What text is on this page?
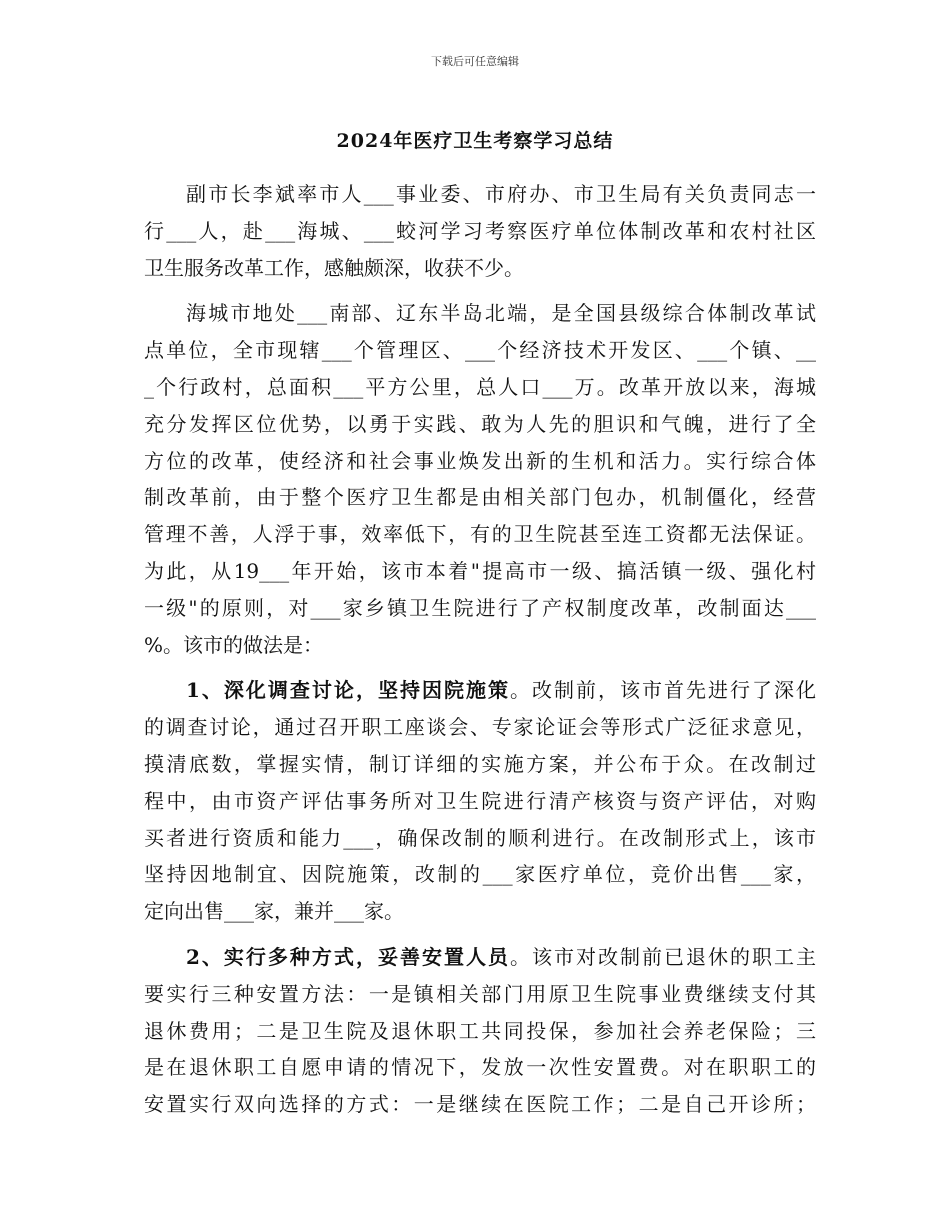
下载后可任意编辑
2024年医疗卫生考察学习总结
副市长李斌率市人___事业委、市府办、市卫生局有关负责同志一
行___人，赴___海城、___蛟河学习考察医疗单位体制改革和农村社区
卫生服务改革工作，感触颇深，收获不少。
海城市地处___南部、辽东半岛北端，是全国县级综合体制改革试
点单位，全市现辖___个管理区、___个经济技术开发区、___个镇、__
_个行政村，总面积___平方公里，总人口___万。改革开放以来，海城
充分发挥区位优势，以勇于实践、敢为人先的胆识和气魄，进行了全
方位的改革，使经济和社会事业焕发出新的生机和活力。实行综合体
制改革前，由于整个医疗卫生都是由相关部门包办，机制僵化，经营
管理不善，人浮于事，效率低下，有的卫生院甚至连工资都无法保证。
为此，从19___年开始，该市本着"提高市一级、搞活镇一级、强化村
一级"的原则，对___家乡镇卫生院进行了产权制度改革，改制面达___
%。该市的做法是：
1、深化调查讨论，坚持因院施策。改制前，该市首先进行了深化
的调查讨论，通过召开职工座谈会、专家论证会等形式广泛征求意见，
摸清底数，掌握实情，制订详细的实施方案，并公布于众。在改制过
程中，由市资产评估事务所对卫生院进行清产核资与资产评估，对购
买者进行资质和能力___，确保改制的顺利进行。在改制形式上，该市
坚持因地制宜、因院施策，改制的___家医疗单位，竞价出售___家，
定向出售___家，兼并___家。
2、实行多种方式，妥善安置人员。该市对改制前已退休的职工主
要实行三种安置方法：一是镇相关部门用原卫生院事业费继续支付其
退休费用；二是卫生院及退休职工共同投保，参加社会养老保险；三
是在退休职工自愿申请的情况下，发放一次性安置费。对在职职工的
安置实行双向选择的方式：一是继续在医院工作；二是自己开诊所；
